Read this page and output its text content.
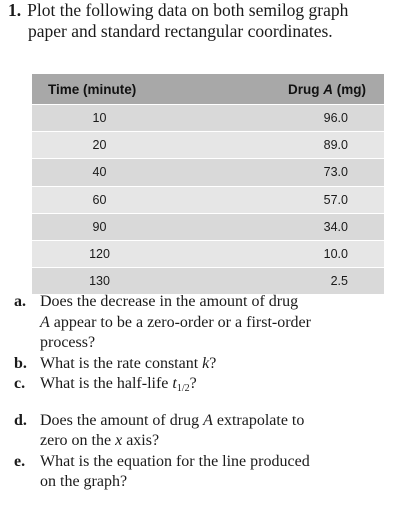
1. Plot the following data on both semilog graph
paper and standard rectangular coordinates.
Time (minute)	Drug A (mg)
10	96.0
20	89.0
40	73.0
60	57.0
90	34.0
120	10.0
130	2.5
a. Does the decrease in the amount of drug
A appear to be a zero-order or a first-order
process?
b. What is the rate constant k?
c. What is the half-life $t_{1/2}$?
d. Does the amount of drug A extrapolate to
zero on the x axis?
e. What is the equation for the line produced
on the graph?
